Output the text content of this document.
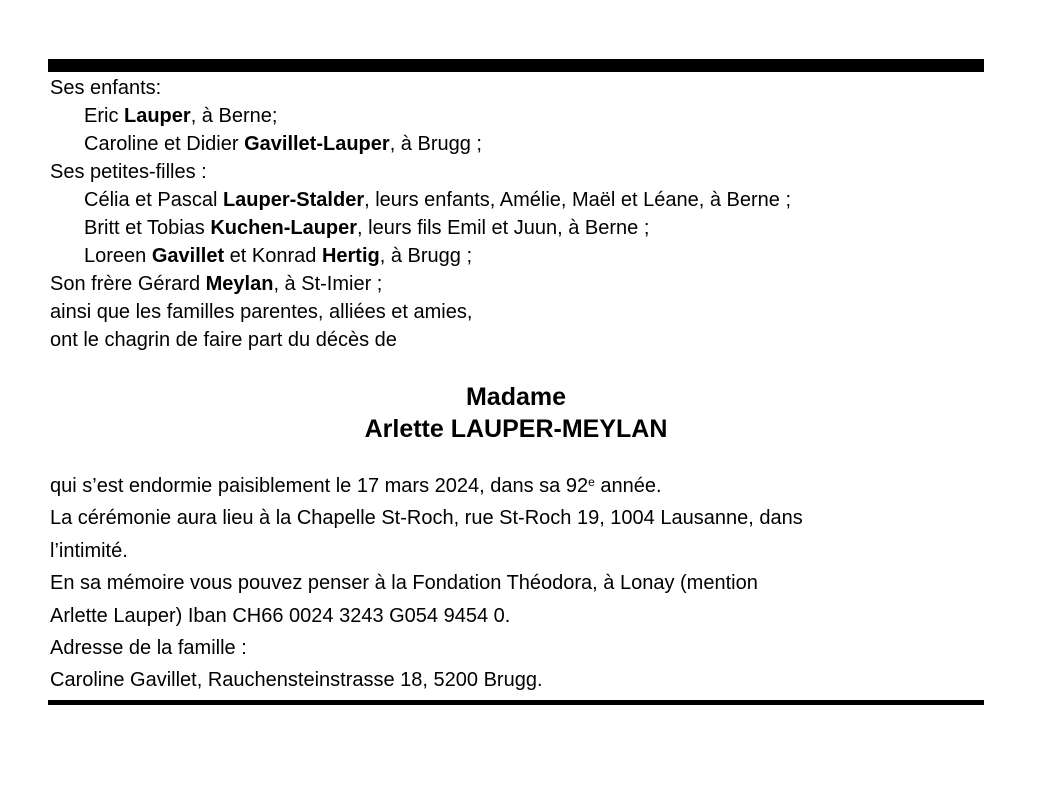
Ses enfants:
Eric Lauper, à Berne;
Caroline et Didier Gavillet-Lauper, à Brugg ;
Ses petites-filles :
Célia et Pascal Lauper-Stalder, leurs enfants, Amélie, Maël et Léane, à Berne ;
Britt et Tobias Kuchen-Lauper, leurs fils Emil et Juun, à Berne ;
Loreen Gavillet et Konrad Hertig, à Brugg ;
Son frère Gérard Meylan, à St-Imier ;
ainsi que les familles parentes, alliées et amies,
ont le chagrin de faire part du décès de
Madame
Arlette LAUPER-MEYLAN
qui s’est endormie paisiblement le 17 mars 2024, dans sa 92e année.
La cérémonie aura lieu à la Chapelle St-Roch, rue St-Roch 19, 1004 Lausanne, dans
l’intimité.
En sa mémoire vous pouvez penser à la Fondation Théodora, à Lonay (mention
Arlette Lauper) Iban CH66 0024 3243 G054 9454 0.
Adresse de la famille :
Caroline Gavillet, Rauchensteinstrasse 18, 5200 Brugg.
